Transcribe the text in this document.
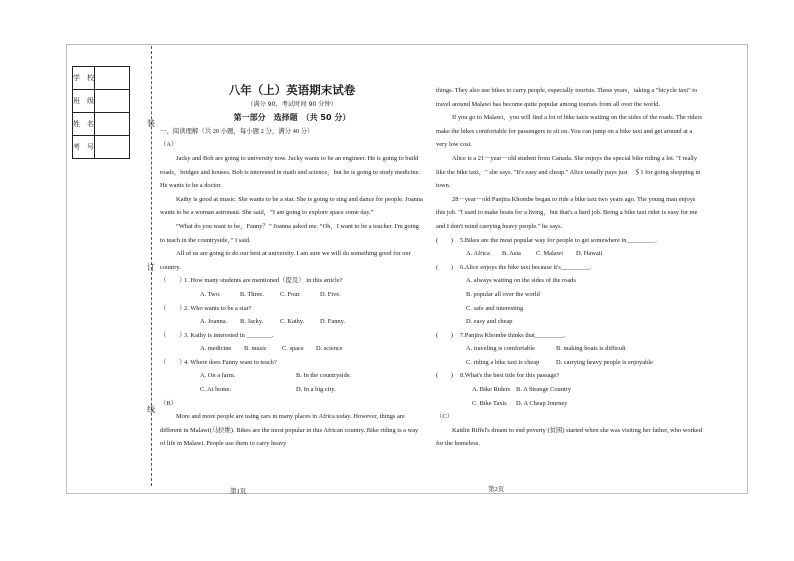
学　校	
班　级	
姓　名	
考　号	
装
订
线
八年（上）英语期末试卷
（满分 90，考试时间 90 分钟）
第一部分　选择题　（共 50 分）

一、阅读理解（共 20 小题，每小题 2 分，满分 40 分）

（A）

Jacky and Bob are going to university now. Jacky wants to be an engineer. He is going to build roads，bridges and houses. Bob is interested in math and science，but he is going to study medicine. He wants to be a doctor.

Kathy is good at music. She wants to be a star. She is going to sing and dance for people. Joanna wants to be a woman astronaut. She said，“I am going to explore space some day.”

“What do you want to be，Fanny？” Joanna asked me. “Oh，I want to be a teacher. I'm going to teach in the countryside，” I said.

All of us are going to do our best at university. I am sure we will do something good for our country.

（　　）
1. How many students are mentioned（提及） in this article?
A. Two.	B. Three.	C. Four.	D. Five.
（　　）
2. Who wants to be a star?
A. Joanna.	B. Jacky.	C. Kathy.	D. Fanny.
（　　）
3. Kathy is interested in ________.
A. medicine	B. music	C. space	D. science
（　　）
4. Where does Fanny want to teach?
A. On a farm.	B. In the countryside.
C. At home.	D. In a big city.

（B）

More and more people are using cars in many places in Africa today. However, things are different in Malawi(马拉维). Bikes are the most popular in this African country. Bike riding is a way of life in Malawi. People use them to carry heavy

第1页

things. They also use bikes to carry people, especially tourists. These years，taking a "bicycle taxi" to travel around Malawi has become quite popular among tourists from all over the world.

If you go to Malawi，you will find a lot of bike taxis waiting on the sides of the roads. The riders make the bikes comfortable for passengers to sit on. You can jump on a bike taxi and get around at a very low cost.

Alice is a 21－year－old student from Canada. She enjoys the special bike riding a lot. "I really like the bike taxi，" she says. "It's easy and cheap." Alice usually pays just　＄1 for going shopping in town.

28－year－old Panjira Khombe began to ride a bike taxi two years ago. The young man enjoys this job. "I used to make boats for a living，but that's a hard job. Being a bike taxi rider is easy for me and I don't mind carrying heavy people." he says.

(　　)	5.Bikes are the most popular way for people to get somewhere in_________.
A. Africa	B. Asia	C. Malawi	D. Hawaii
(　　)	6.Alice enjoys the bike taxi because it's_________.
A. always waiting on the sides of the roads
B. popular all over the world
C. safe and interesting
D. easy and cheap
(　　)	7.Panjira Khombe thinks that_________.
A. traveling is comfortable	B. making boats is difficult
C. riding a bike taxi is cheap	D. carrying heavy people is enjoyable
(　　)	8.What's the best title for this passage?
A. Bike Riders B. A Strange Country
C. Bike Taxis	D. A Cheap Journey

（C）

Kaitlin Riffel's dream to end poverty (贫困) started when she was visiting her father, who worked for the homeless.

第2页
